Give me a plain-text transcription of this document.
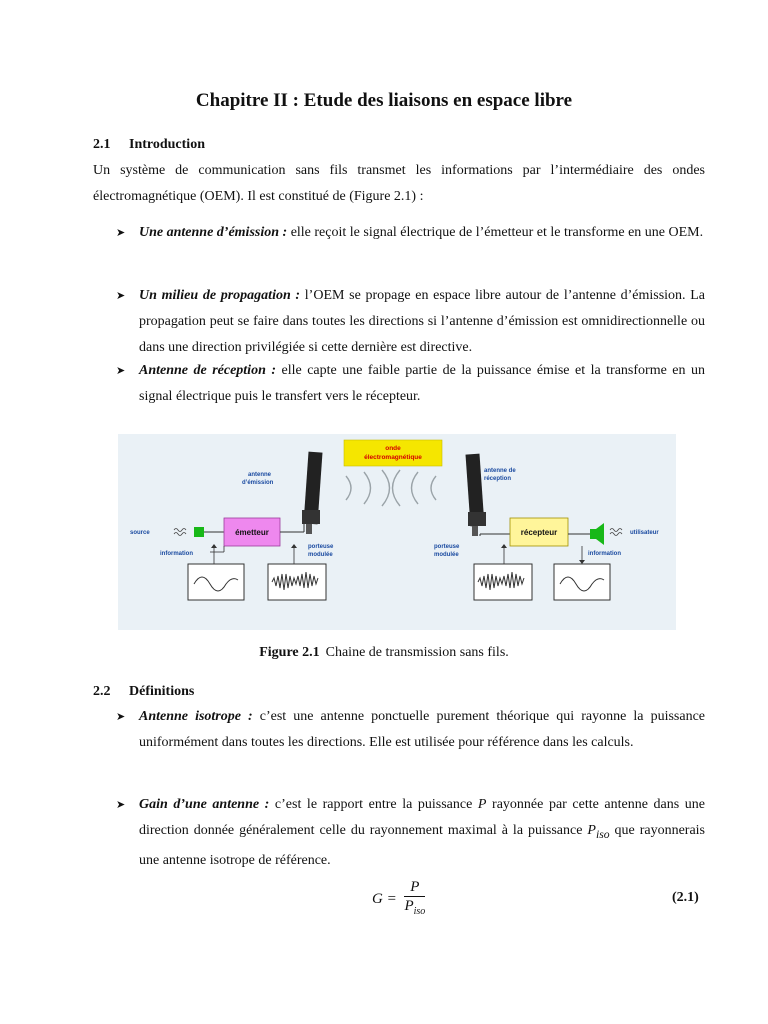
Chapitre II : Etude des liaisons en espace libre

2.1 Introduction

Un système de communication sans fils transmet les informations par l’intermédiaire des ondes électromagnétique (OEM). Il est constitué de (Figure 2.1) :

➤ Une antenne d’émission : elle reçoit le signal électrique de l’émetteur et le transforme en une OEM.
➤ Un milieu de propagation : l’OEM se propage en espace libre autour de l’antenne d’émission. La propagation peut se faire dans toutes les directions si l’antenne d’émission est omnidirectionnelle ou dans une direction privilégiée si cette dernière est directive.
➤ Antenne de réception : elle capte une faible partie de la puissance émise et la transforme en un signal électrique puis le transfert vers le récepteur.
onde
électromagnétique
antenne
d’émission
antenne de
réception
source	émetteur
information
porteuse
modulée
récepteur	utilisateur
porteuse
modulée	information

Figure 2.1 Chaine de transmission sans fils.

2.2 Définitions

➤ Antenne isotrope : c’est une antenne ponctuelle purement théorique qui rayonne la puissance uniformément dans toutes les directions. Elle est utilisée pour référence dans les calculs.
➤ Gain d’une antenne : c’est le rapport entre la puissance P rayonnée par cette antenne dans une direction donnée généralement celle du rayonnement maximal à la puissance $P_{iso}$ que rayonnerais une antenne isotrope de référence.
$G = \frac{P}{P_{iso}}$	(2.1)
